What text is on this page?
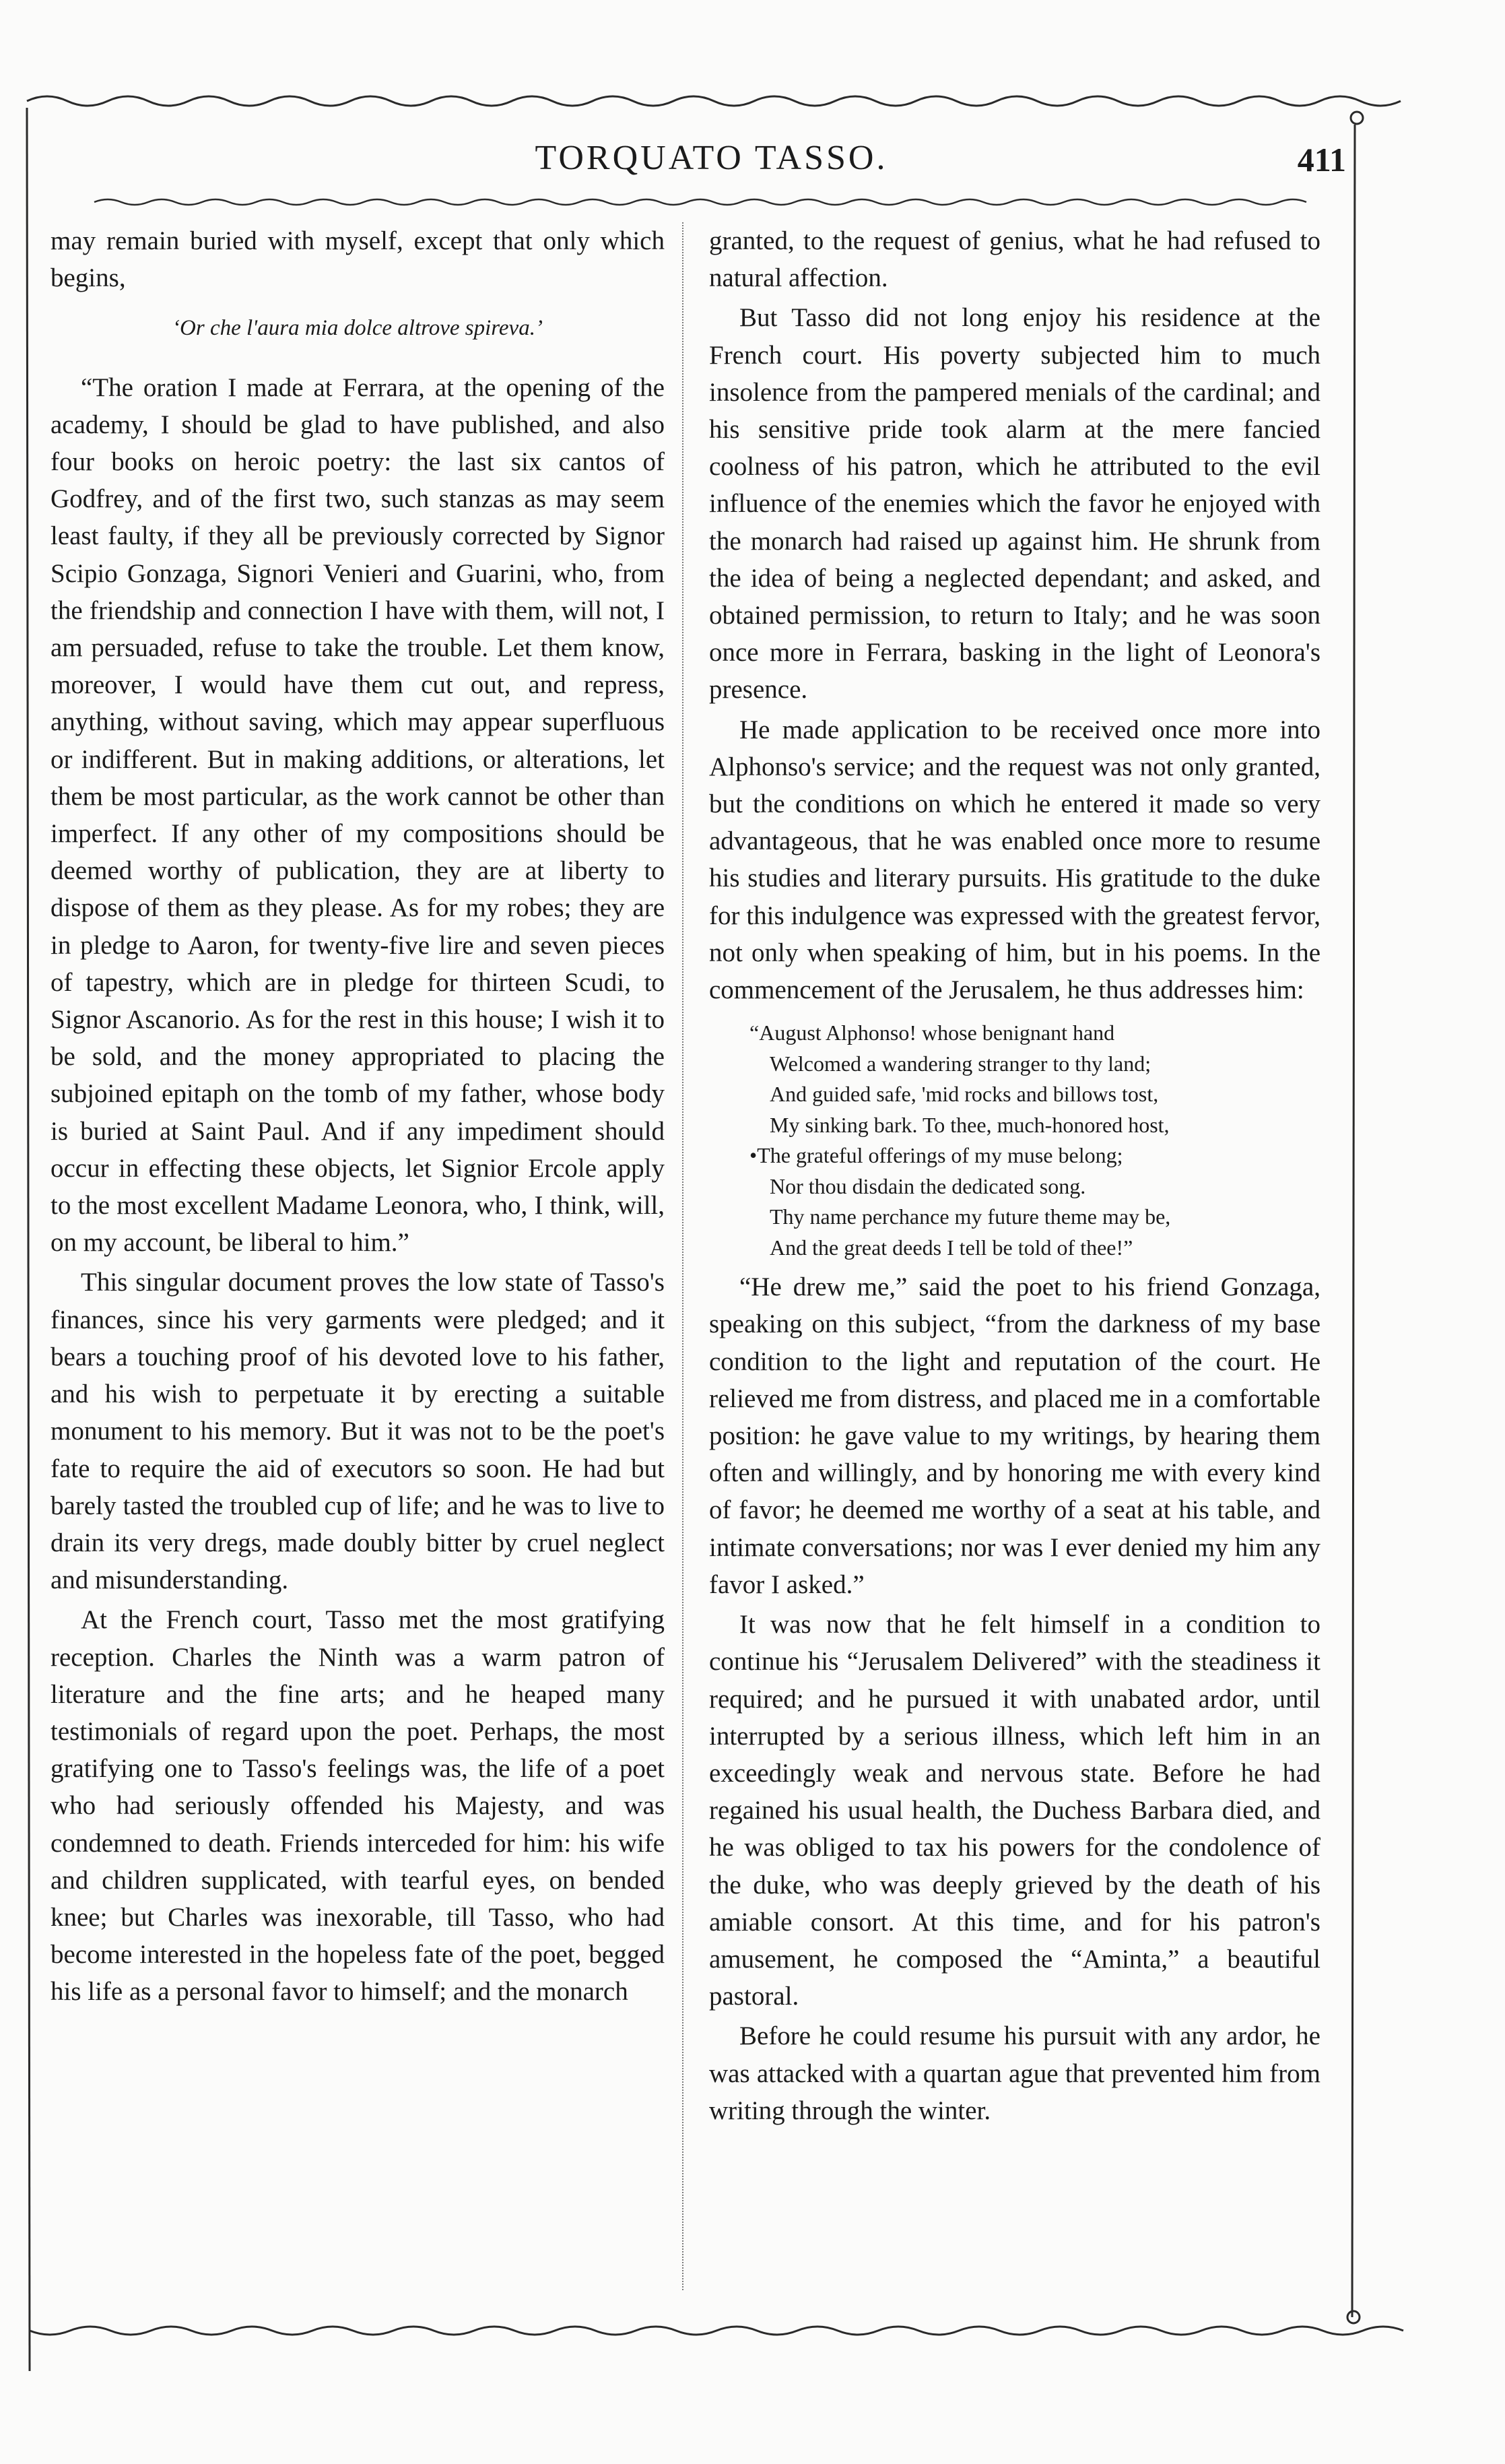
TORQUATO TASSO.	411

may remain buried with myself, except that only which begins,

‘Or che l'aura mia dolce altrove spireva.’

“The oration I made at Ferrara, at the opening of the academy, I should be glad to have published, and also four books on heroic poetry: the last six cantos of Godfrey, and of the first two, such stanzas as may seem least faulty, if they all be previously corrected by Signor Scipio Gonzaga, Signori Venieri and Guarini, who, from the friendship and connection I have with them, will not, I am persuaded, refuse to take the trouble. Let them know, moreover, I would have them cut out, and repress, anything, without saving, which may appear superfluous or indifferent. But in making additions, or alterations, let them be most particular, as the work cannot be other than imperfect. If any other of my compositions should be deemed worthy of publication, they are at liberty to dispose of them as they please. As for my robes; they are in pledge to Aaron, for twenty-five lire and seven pieces of tapestry, which are in pledge for thirteen Scudi, to Signor Ascanorio. As for the rest in this house; I wish it to be sold, and the money appropriated to placing the subjoined epitaph on the tomb of my father, whose body is buried at Saint Paul. And if any impediment should occur in effecting these objects, let Signior Ercole apply to the most excellent Madame Leonora, who, I think, will, on my account, be liberal to him.”

This singular document proves the low state of Tasso's finances, since his very garments were pledged; and it bears a touching proof of his devoted love to his father, and his wish to perpetuate it by erecting a suitable monument to his memory. But it was not to be the poet's fate to require the aid of executors so soon. He had but barely tasted the troubled cup of life; and he was to live to drain its very dregs, made doubly bitter by cruel neglect and misunderstanding.

At the French court, Tasso met the most gratifying reception. Charles the Ninth was a warm patron of literature and the fine arts; and he heaped many testimonials of regard upon the poet. Perhaps, the most gratifying one to Tasso's feelings was, the life of a poet who had seriously offended his Majesty, and was condemned to death. Friends interceded for him: his wife and children supplicated, with tearful eyes, on bended knee; but Charles was inexorable, till Tasso, who had become interested in the hopeless fate of the poet, begged his life as a personal favor to himself; and the monarch

granted, to the request of genius, what he had refused to natural affection.

But Tasso did not long enjoy his residence at the French court. His poverty subjected him to much insolence from the pampered menials of the cardinal; and his sensitive pride took alarm at the mere fancied coolness of his patron, which he attributed to the evil influence of the enemies which the favor he enjoyed with the monarch had raised up against him. He shrunk from the idea of being a neglected dependant; and asked, and obtained permission, to return to Italy; and he was soon once more in Ferrara, basking in the light of Leonora's presence.

He made application to be received once more into Alphonso's service; and the request was not only granted, but the conditions on which he entered it made so very advantageous, that he was enabled once more to resume his studies and literary pursuits. His gratitude to the duke for this indulgence was expressed with the greatest fervor, not only when speaking of him, but in his poems. In the commencement of the Jerusalem, he thus addresses him:

“August Alphonso! whose benignant hand
Welcomed a wandering stranger to thy land;
And guided safe, 'mid rocks and billows tost,
My sinking bark. To thee, much-honored host,
•The grateful offerings of my muse belong;
Nor thou disdain the dedicated song.
Thy name perchance my future theme may be,
And the great deeds I tell be told of thee!”

“He drew me,” said the poet to his friend Gonzaga, speaking on this subject, “from the darkness of my base condition to the light and reputation of the court. He relieved me from distress, and placed me in a comfortable position: he gave value to my writings, by hearing them often and willingly, and by honoring me with every kind of favor; he deemed me worthy of a seat at his table, and intimate conversations; nor was I ever denied my him any favor I asked.”

It was now that he felt himself in a condition to continue his “Jerusalem Delivered” with the steadiness it required; and he pursued it with unabated ardor, until interrupted by a serious illness, which left him in an exceedingly weak and nervous state. Before he had regained his usual health, the Duchess Barbara died, and he was obliged to tax his powers for the condolence of the duke, who was deeply grieved by the death of his amiable consort. At this time, and for his patron's amusement, he composed the “Aminta,” a beautiful pastoral.

Before he could resume his pursuit with any ardor, he was attacked with a quartan ague that prevented him from writing through the winter.
